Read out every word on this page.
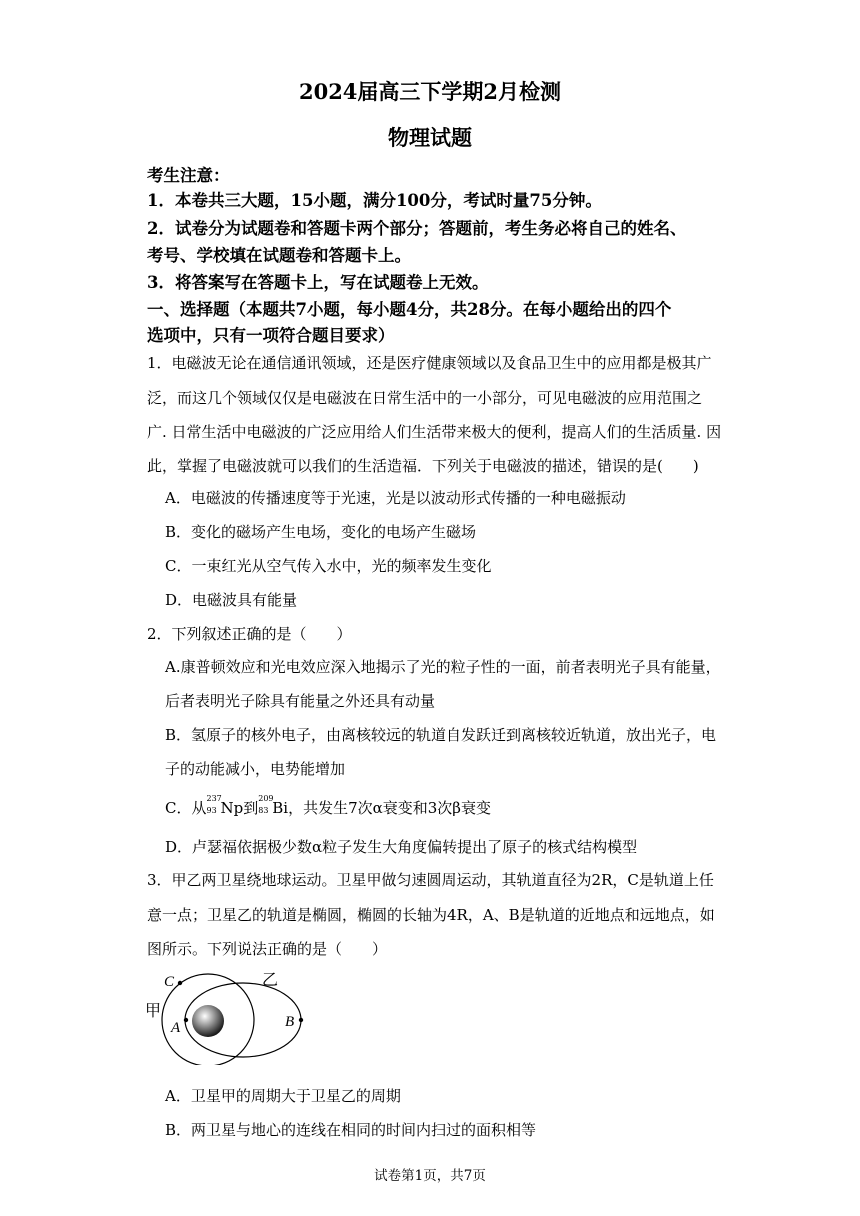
2024届高三下学期2月检测
物理试题
考生注意：
1．本卷共三大题，15小题，满分100分，考试时量75分钟。
2．试卷分为试题卷和答题卡两个部分；答题前，考生务必将自己的姓名、
考号、学校填在试题卷和答题卡上。
3．将答案写在答题卡上，写在试题卷上无效。
一、选择题（本题共7小题，每小题4分，共28分。在每小题给出的四个
选项中，只有一项符合题目要求）
1．电磁波无论在通信通讯领域，还是医疗健康领域以及食品卫生中的应用都是极其广
泛，而这几个领域仅仅是电磁波在日常生活中的一小部分，可见电磁波的应用范围之
广. 日常生活中电磁波的广泛应用给人们生活带来极大的便利，提高人们的生活质量. 因
此，掌握了电磁波就可以我们的生活造福．下列关于电磁波的描述，错误的是(　　)
A．电磁波的传播速度等于光速，光是以波动形式传播的一种电磁振动
B．变化的磁场产生电场，变化的电场产生磁场
C．一束红光从空气传入水中，光的频率发生变化
D．电磁波具有能量
2．下列叙述正确的是（　　）
A.康普顿效应和光电效应深入地揭示了光的粒子性的一面，前者表明光子具有能量，
后者表明光子除具有能量之外还具有动量
B．氢原子的核外电子，由离核较远的轨道自发跃迁到离核较近轨道，放出光子，电
子的动能减小，电势能增加
C．从
237
93 Np到
209
83 Bi，共发生7次α衰变和3次β衰变
D．卢瑟福依据极少数α粒子发生大角度偏转提出了原子的核式结构模型
3．甲乙两卫星绕地球运动。卫星甲做匀速圆周运动，其轨道直径为2R，C是轨道上任
意一点；卫星乙的轨道是椭圆，椭圆的长轴为4R，A、B是轨道的近地点和远地点，如
图所示。下列说法正确的是（　　）
C	乙
甲
A	B
A．卫星甲的周期大于卫星乙的周期
B．两卫星与地心的连线在相同的时间内扫过的面积相等
试卷第1页，共7页
